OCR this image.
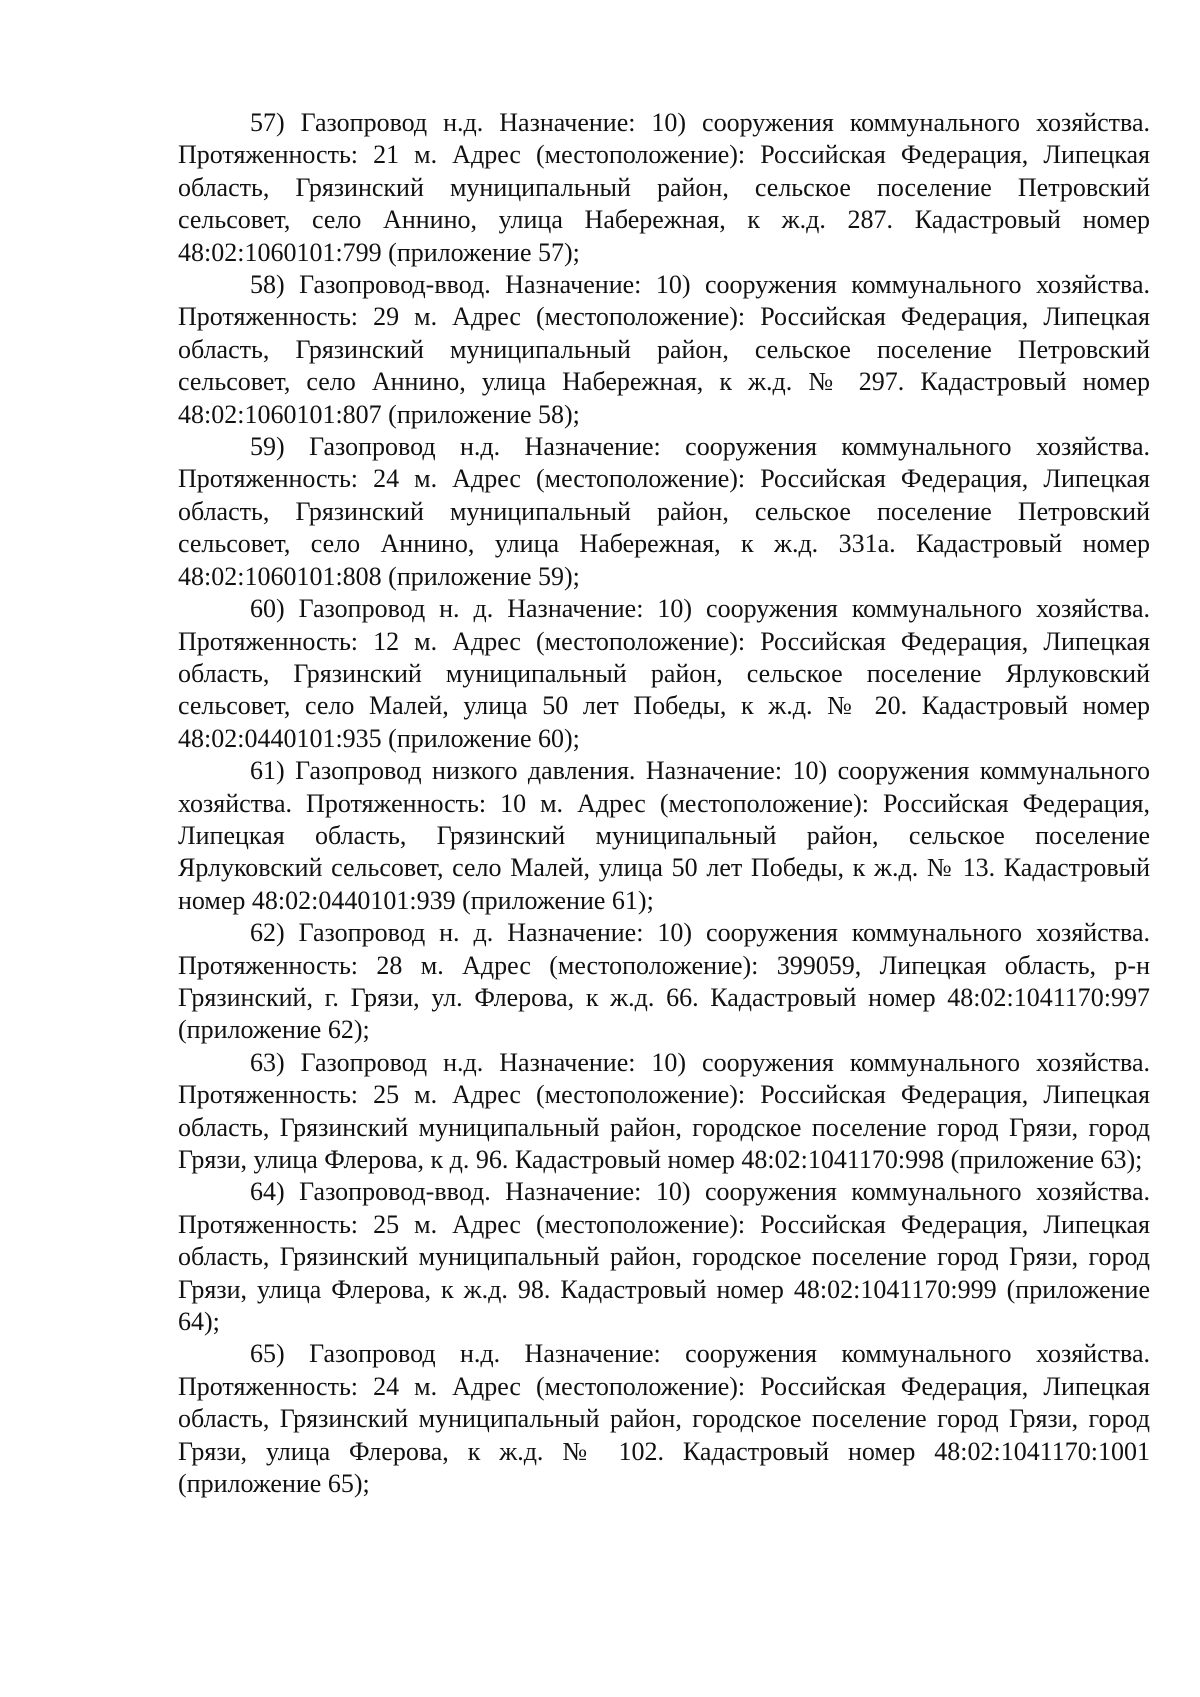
57) Газопровод н.д. Назначение: 10) сооружения коммунального хозяйства. Протяженность: 21 м. Адрес (местоположение): Российская Федерация, Липецкая область, Грязинский муниципальный район, сельское поселение Петровский сельсовет, село Аннино, улица Набережная, к ж.д. 287. Кадастровый номер 48:02:1060101:799 (приложение 57);

58) Газопровод-ввод. Назначение: 10) сооружения коммунального хозяйства. Протяженность: 29 м. Адрес (местоположение): Российская Федерация, Липецкая область, Грязинский муниципальный район, сельское поселение Петровский сельсовет, село Аннино, улица Набережная, к ж.д. № 297. Кадастровый номер 48:02:1060101:807 (приложение 58);

59) Газопровод н.д. Назначение: сооружения коммунального хозяйства. Протяженность: 24 м. Адрес (местоположение): Российская Федерация, Липецкая область, Грязинский муниципальный район, сельское поселение Петровский сельсовет, село Аннино, улица Набережная, к ж.д. 331а. Кадастровый номер 48:02:1060101:808 (приложение 59);

60) Газопровод н. д. Назначение: 10) сооружения коммунального хозяйства. Протяженность: 12 м. Адрес (местоположение): Российская Федерация, Липецкая область, Грязинский муниципальный район, сельское поселение Ярлуковский сельсовет, село Малей, улица 50 лет Победы, к ж.д. № 20. Кадастровый номер 48:02:0440101:935 (приложение 60);

61) Газопровод низкого давления. Назначение: 10) сооружения коммунального хозяйства. Протяженность: 10 м. Адрес (местоположение): Российская Федерация, Липецкая область, Грязинский муниципальный район, сельское поселение Ярлуковский сельсовет, село Малей, улица 50 лет Победы, к ж.д. № 13. Кадастровый номер 48:02:0440101:939 (приложение 61);

62) Газопровод н. д. Назначение: 10) сооружения коммунального хозяйства. Протяженность: 28 м. Адрес (местоположение): 399059, Липецкая область, р-н Грязинский, г. Грязи, ул. Флерова, к ж.д. 66. Кадастровый номер 48:02:1041170:997 (приложение 62);

63) Газопровод н.д. Назначение: 10) сооружения коммунального хозяйства. Протяженность: 25 м. Адрес (местоположение): Российская Федерация, Липецкая область, Грязинский муниципальный район, городское поселение город Грязи, город Грязи, улица Флерова, к д. 96. Кадастровый номер 48:02:1041170:998 (приложение 63);

64) Газопровод-ввод. Назначение: 10) сооружения коммунального хозяйства. Протяженность: 25 м. Адрес (местоположение): Российская Федерация, Липецкая область, Грязинский муниципальный район, городское поселение город Грязи, город Грязи, улица Флерова, к ж.д. 98. Кадастровый номер 48:02:1041170:999 (приложение 64);

65) Газопровод н.д. Назначение: сооружения коммунального хозяйства. Протяженность: 24 м. Адрес (местоположение): Российская Федерация, Липецкая область, Грязинский муниципальный район, городское поселение город Грязи, город Грязи, улица Флерова, к ж.д. № 102. Кадастровый номер 48:02:1041170:1001 (приложение 65);
